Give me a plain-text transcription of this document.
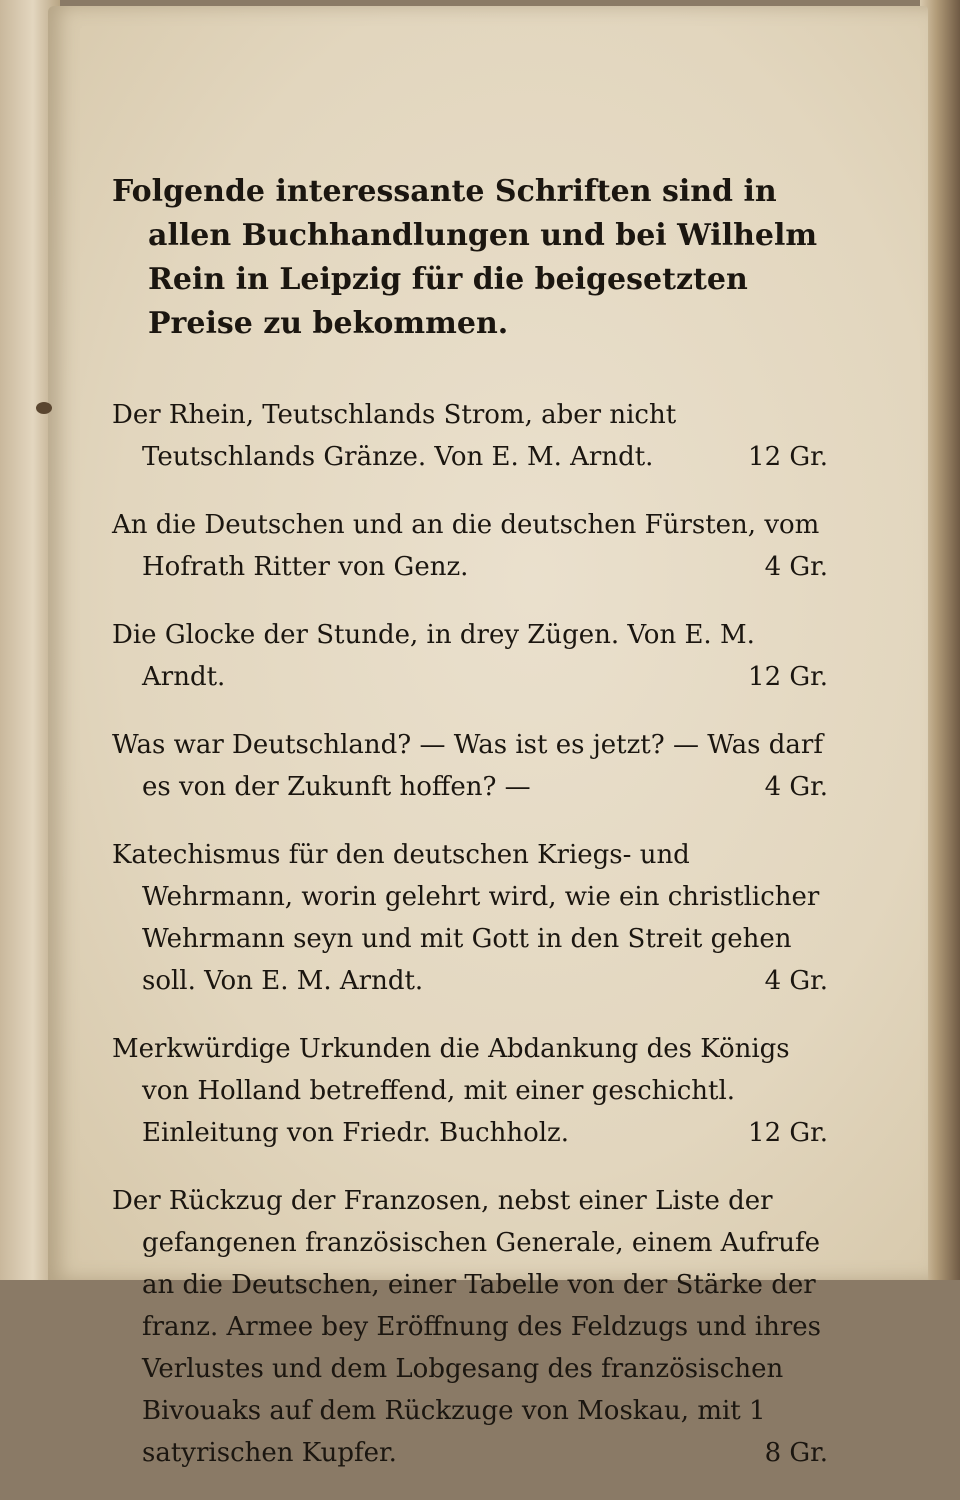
Folgende interessante Schriften sind in allen Buchhandlungen und bei Wilhelm Rein in Leipzig für die beigesetzten Preise zu bekommen.

Der Rhein, Teutschlands Strom, aber nicht Teutschlands Gränze. Von E. M. Arndt.	12 Gr.
An die Deutschen und an die deutschen Fürsten, vom Hofrath Ritter von Genz.	4 Gr.
Die Glocke der Stunde, in drey Zügen. Von E. M. Arndt.	12 Gr.
Was war Deutschland? — Was ist es jetzt? — Was darf es von der Zukunft hoffen? —	4 Gr.
Katechismus für den deutschen Kriegs- und Wehrmann, worin gelehrt wird, wie ein christlicher Wehrmann seyn und mit Gott in den Streit gehen soll. Von E. M. Arndt.	4 Gr.
Merkwürdige Urkunden die Abdankung des Königs von Holland betreffend, mit einer geschichtl. Einleitung von Friedr. Buchholz.	12 Gr.
Der Rückzug der Franzosen, nebst einer Liste der gefangenen französischen Generale, einem Aufrufe an die Deutschen, einer Tabelle von der Stärke der franz. Armee bey Eröffnung des Feldzugs und ihres Verlustes und dem Lobgesang des französischen Bivouaks auf dem Rückzuge von Moskau, mit 1 satyrischen Kupfer.	8 Gr.
